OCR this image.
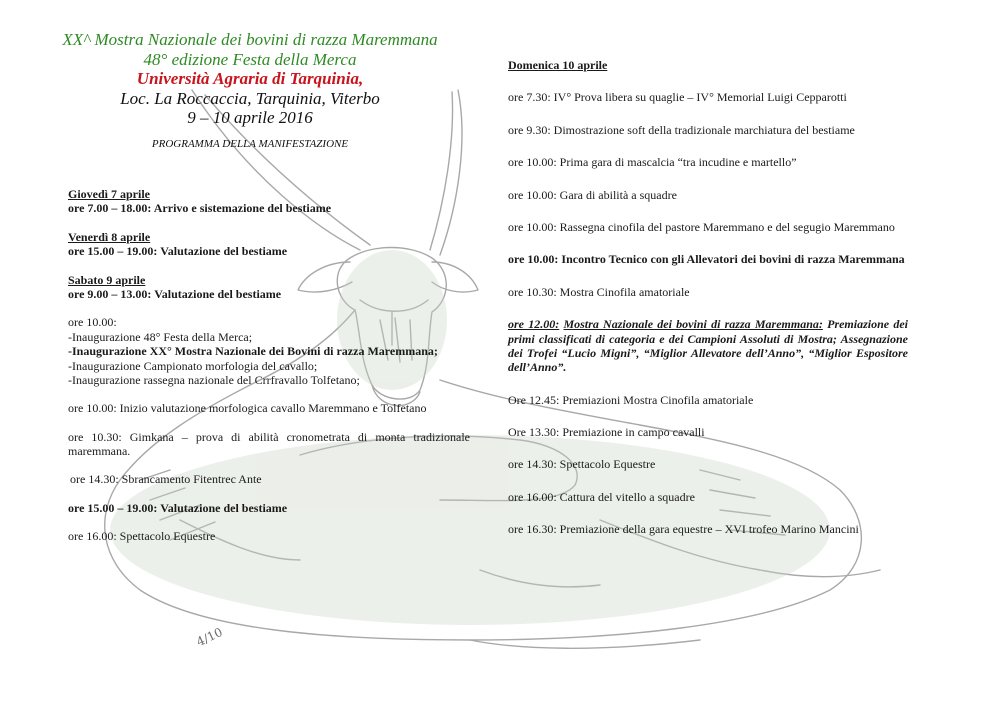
XX^ Mostra Nazionale dei bovini di razza Maremmana
48° edizione Festa della Merca
Università Agraria di Tarquinia,
Loc. La Roccaccia, Tarquinia, Viterbo
9 – 10 aprile 2016
PROGRAMMA DELLA MANIFESTAZIONE
Giovedì 7 aprile

ore 7.00 – 18.00: Arrivo e sistemazione del bestiame

Venerdì 8 aprile

ore 15.00 – 19.00: Valutazione del bestiame

Sabato 9 aprile

ore 9.00 – 13.00: Valutazione del bestiame

ore 10.00:

-Inaugurazione 48° Festa della Merca;

-Inaugurazione XX° Mostra Nazionale dei Bovini di razza Maremmana;

-Inaugurazione Campionato morfologia del cavallo;

-Inaugurazione rassegna nazionale del Crrfravallo Tolfetano;

ore 10.00: Inizio valutazione morfologica cavallo Maremmano e Tolfetano

ore 10.30: Gimkana – prova di abilità cronometrata di monta tradizionale maremmana.

ore 14.30: Sbrancamento Fitentrec Ante

ore 15.00 – 19.00: Valutazione del bestiame

ore 16.00: Spettacolo Equestre

Domenica 10 aprile

ore 7.30: IV° Prova libera su quaglie – IV° Memorial Luigi Cepparotti

ore 9.30: Dimostrazione soft della tradizionale marchiatura del bestiame

ore 10.00: Prima gara di mascalcia “tra incudine e martello”

ore 10.00: Gara di abilità a squadre

ore 10.00: Rassegna cinofila del pastore Maremmano e del segugio Maremmano

ore 10.00: Incontro Tecnico con gli Allevatori dei bovini di razza Maremmana

ore 10.30: Mostra Cinofila amatoriale

ore 12.00: Mostra Nazionale dei bovini di razza Maremmana: Premiazione dei primi classificati di categoria e dei Campioni Assoluti di Mostra; Assegnazione dei Trofei “Lucio Migni”, “Miglior Allevatore dell’Anno”, “Miglior Espositore dell’Anno”.

Ore 12.45: Premiazioni Mostra Cinofila amatoriale

Ore 13.30: Premiazione in campo cavalli

ore 14.30: Spettacolo Equestre

ore 16.00: Cattura del vitello a squadre

ore 16.30: Premiazione della gara equestre – XVI trofeo Marino Mancini

4/10
